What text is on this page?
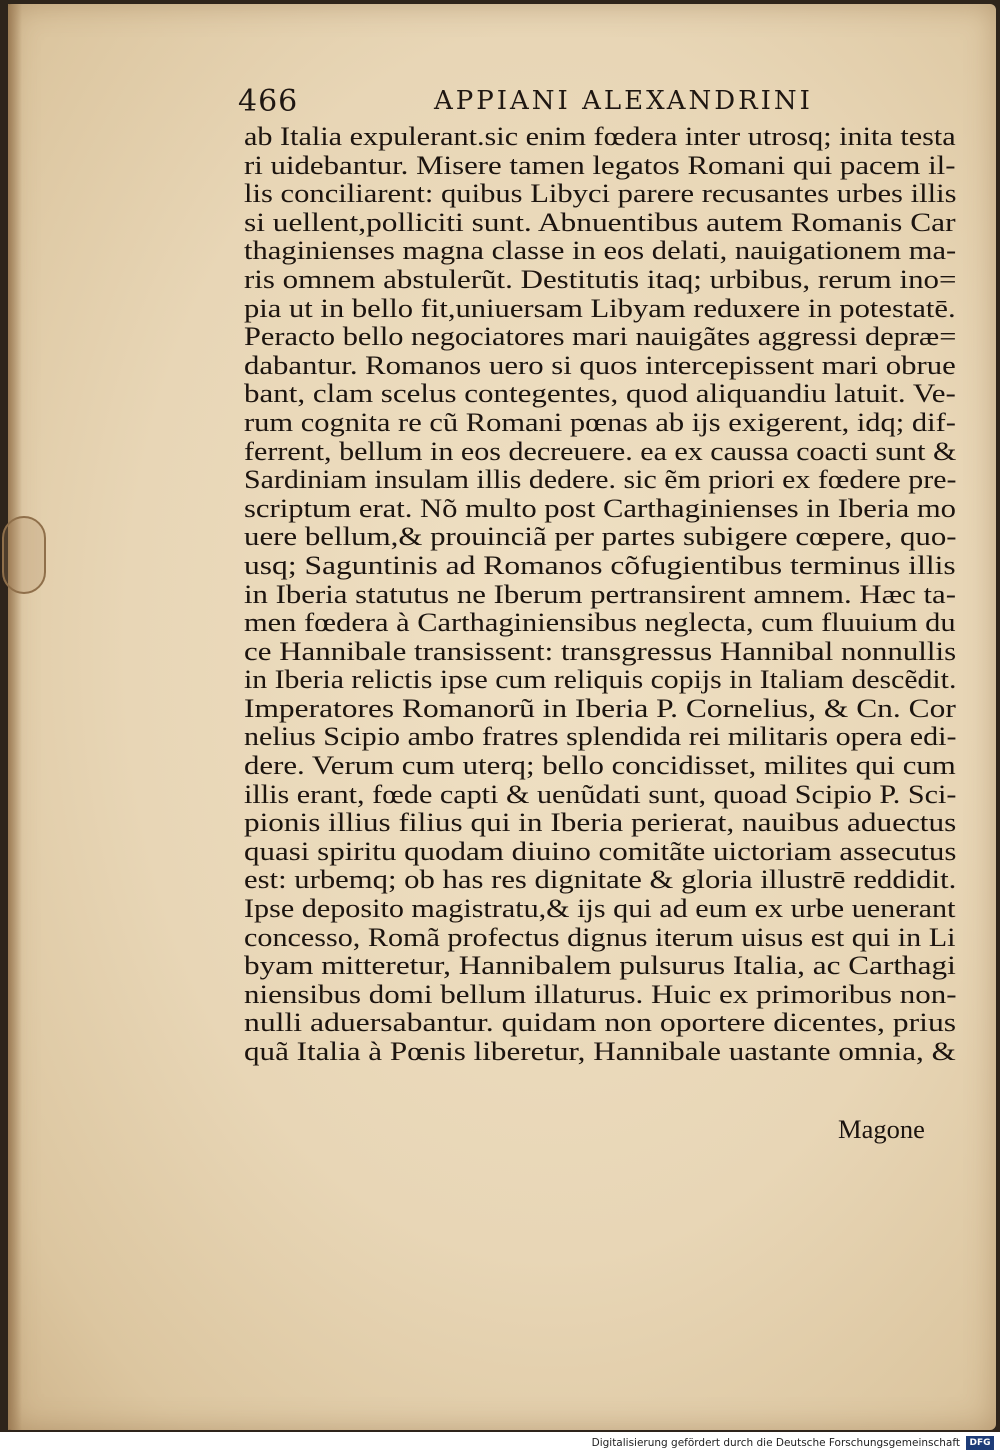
466	APPIANI ALEXANDRINI
ab Italia expulerant.sic enim fœdera inter utrosq; inita testa
ri uidebantur. Misere tamen legatos Romani qui pacem il-
lis conciliarent: quibus Libyci parere recusantes urbes illis
si uellent,polliciti sunt. Abnuentibus autem Romanis Car
thaginienses magna classe in eos delati, nauigationem ma-
ris omnem abstulerũt. Destitutis itaq; urbibus, rerum ino=
pia ut in bello fit,uniuersam Libyam reduxere in potestatē.
Peracto bello negociatores mari nauigãtes aggressi depræ=
dabantur. Romanos uero si quos intercepissent mari obrue
bant, clam scelus contegentes, quod aliquandiu latuit. Ve-
rum cognita re cũ Romani pœnas ab ijs exigerent, idq; dif-
ferrent, bellum in eos decreuere. ea ex caussa coacti sunt &
Sardiniam insulam illis dedere. sic ẽm priori ex fœdere pre-
scriptum erat. Nõ multo post Carthaginienses in Iberia mo
uere bellum,& prouinciã per partes subigere cœpere, quo-
usq; Saguntinis ad Romanos cõfugientibus terminus illis
in Iberia statutus ne Iberum pertransirent amnem. Hæc ta-
men fœdera à Carthaginiensibus neglecta, cum fluuium du
ce Hannibale transissent: transgressus Hannibal nonnullis
in Iberia relictis ipse cum reliquis copijs in Italiam descẽdit.
Imperatores Romanorũ in Iberia P. Cornelius, & Cn. Cor
nelius Scipio ambo fratres splendida rei militaris opera edi-
dere. Verum cum uterq; bello concidisset, milites qui cum
illis erant, fœde capti & uenũdati sunt, quoad Scipio P. Sci-
pionis illius filius qui in Iberia perierat, nauibus aduectus
quasi spiritu quodam diuino comitãte uictoriam assecutus
est: urbemq; ob has res dignitate & gloria illustrē reddidit.
Ipse deposito magistratu,& ijs qui ad eum ex urbe uenerant
concesso, Romã profectus dignus iterum uisus est qui in Li
byam mitteretur, Hannibalem pulsurus Italia, ac Carthagi
niensibus domi bellum illaturus. Huic ex primoribus non-
nulli aduersabantur. quidam non oportere dicentes, prius
quã Italia à Pœnis liberetur, Hannibale uastante omnia, &
Magone
Digitalisierung gefördert durch die Deutsche Forschungsgemeinschaft	DFG
